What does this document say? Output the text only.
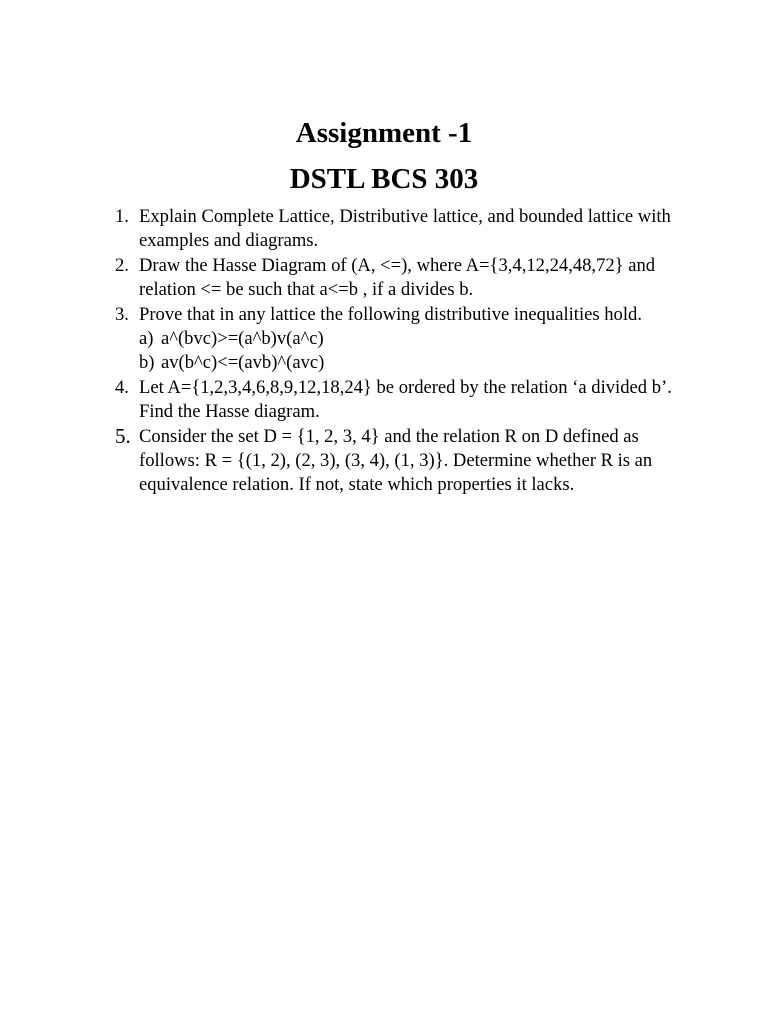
Assignment -1
DSTL BCS 303
1. Explain Complete Lattice, Distributive lattice, and bounded lattice with examples and diagrams.
2. Draw the Hasse Diagram of (A, <=), where A={3,4,12,24,48,72} and relation <= be such that a<=b , if a divides b.
3. Prove that in any lattice the following distributive inequalities hold.
a) a^(bvc)>=(a^b)v(a^c)
b) av(b^c)<=(avb)^(avc)
4. Let A={1,2,3,4,6,8,9,12,18,24} be ordered by the relation ‘a divided b’. Find the Hasse diagram.
5. Consider the set D = {1, 2, 3, 4} and the relation R on D defined as follows: R = {(1, 2), (2, 3), (3, 4), (1, 3)}. Determine whether R is an equivalence relation. If not, state which properties it lacks.
